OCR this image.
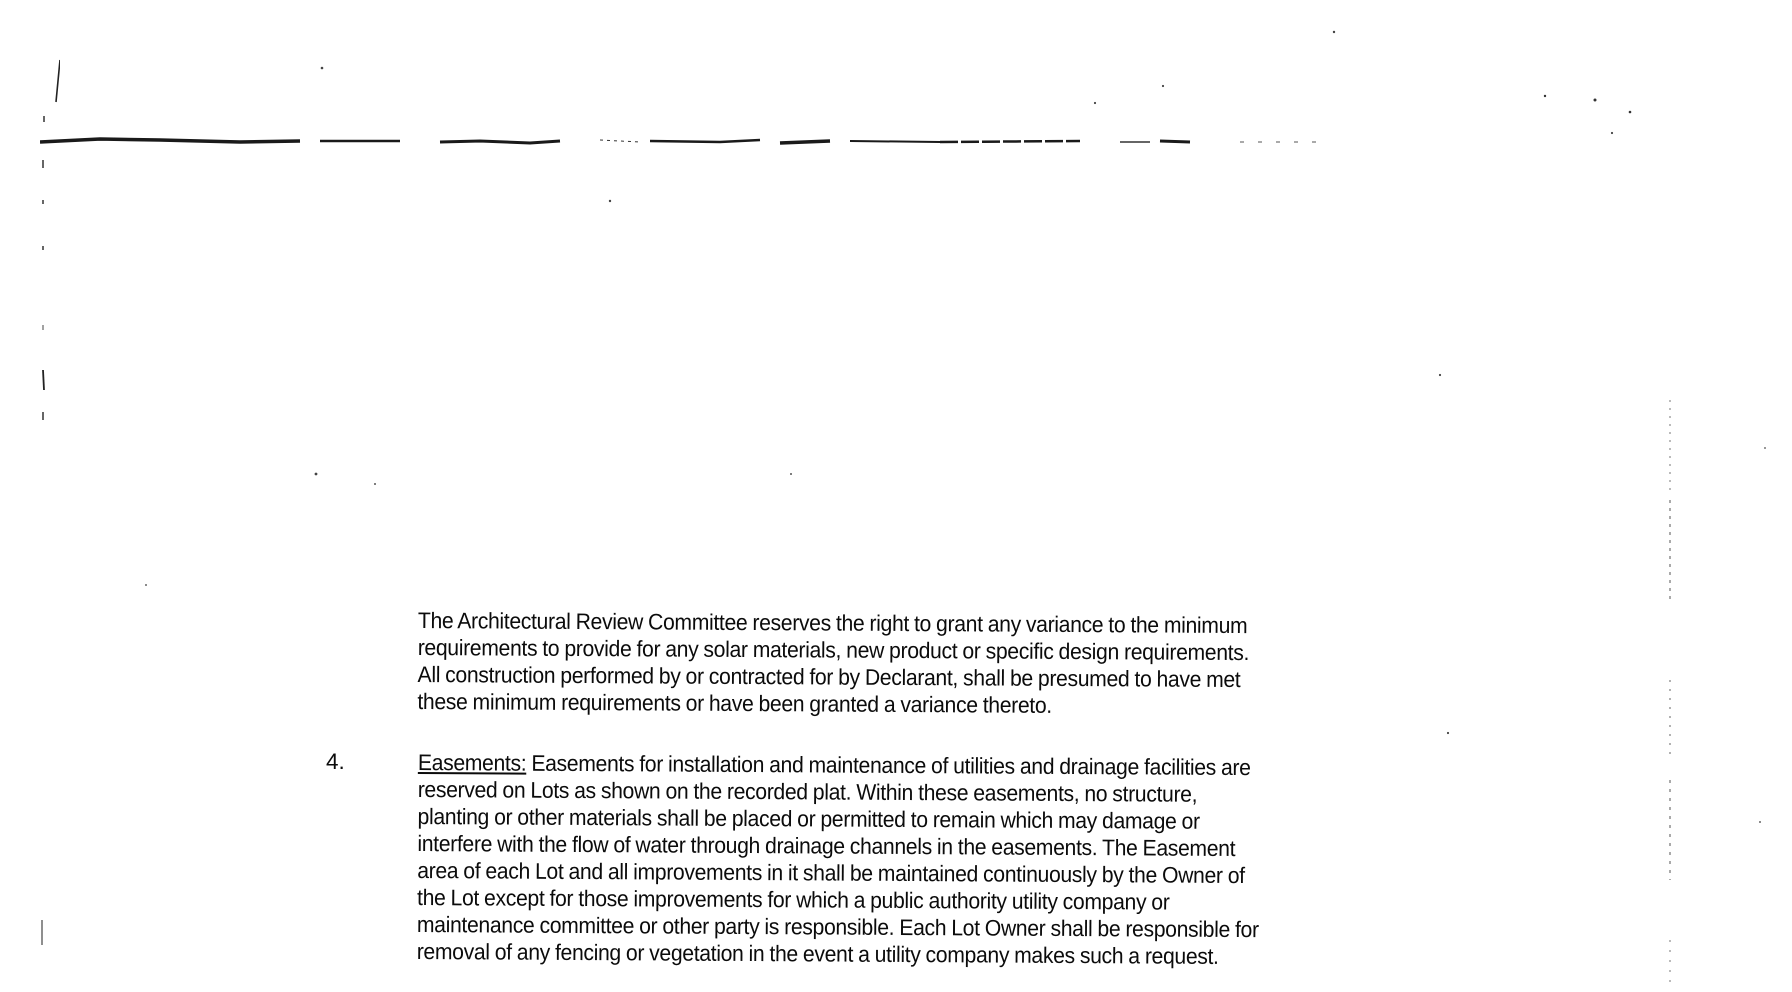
The Architectural Review Committee reserves the right to grant any variance to the minimum
requirements to provide for any solar materials, new product or specific design requirements.
All construction performed by or contracted for by Declarant, shall be presumed to have met
these minimum requirements or have been granted a variance thereto.
4.	Easements: Easements for installation and maintenance of utilities and drainage facilities are
reserved on Lots as shown on the recorded plat. Within these easements, no structure,
planting or other materials shall be placed or permitted to remain which may damage or
interfere with the flow of water through drainage channels in the easements. The Easement
area of each Lot and all improvements in it shall be maintained continuously by the Owner of
the Lot except for those improvements for which a public authority utility company or
maintenance committee or other party is responsible. Each Lot Owner shall be responsible for
removal of any fencing or vegetation in the event a utility company makes such a request.
